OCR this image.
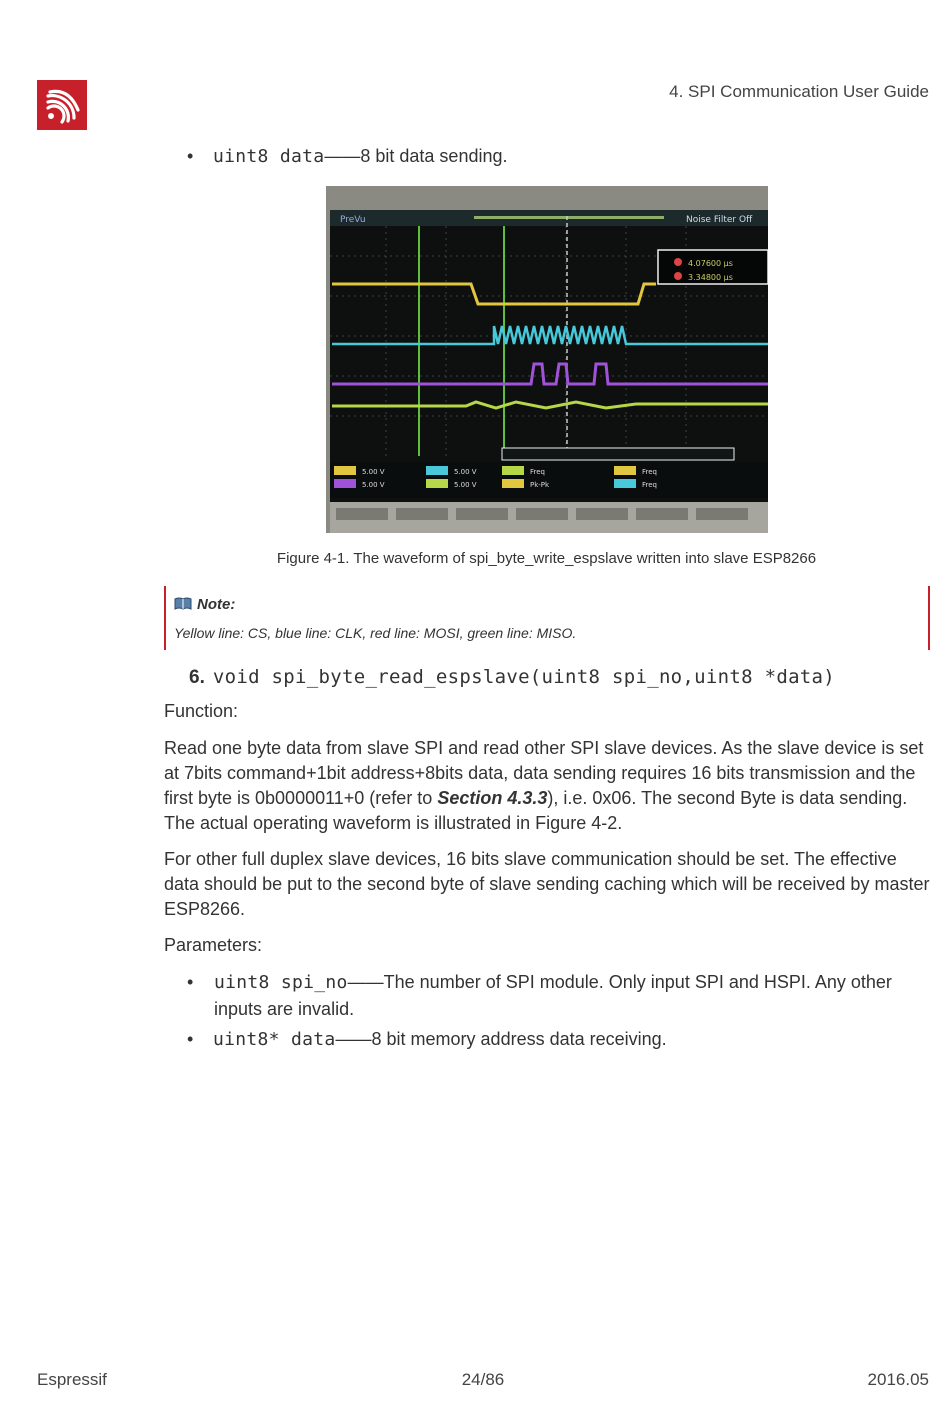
4. SPI Communication User Guide
• uint8 data——8 bit data sending.
PreVu	Noise Filter Off
4.07600 μs
3.34800 μs
5.00 V
5.00 V
5.00 V
5.00 V
Freq
Pk-Pk
Freq
Freq
Figure 4-1. The waveform of spi_byte_write_espslave written into slave ESP8266
Note:
Yellow line: CS, blue line: CLK, red line: MOSI, green line: MISO.
6. void spi_byte_read_espslave(uint8 spi_no,uint8 *data)
Function:
Read one byte data from slave SPI and read other SPI slave devices. As the slave device is set at 7bits command+1bit address+8bits data, data sending requires 16 bits transmission and the first byte is 0b0000011+0 (refer to Section 4.3.3), i.e. 0x06. The second Byte is data sending. The actual operating waveform is illustrated in Figure 4-2.
For other full duplex slave devices, 16 bits slave communication should be set. The effective data should be put to the second byte of slave sending caching which will be received by master ESP8266.
Parameters:
•	uint8 spi_no——The number of SPI module. Only input SPI and HSPI. Any other inputs are invalid.
• uint8* data——8 bit memory address data receiving.
Espressif	24/86	2016.05
